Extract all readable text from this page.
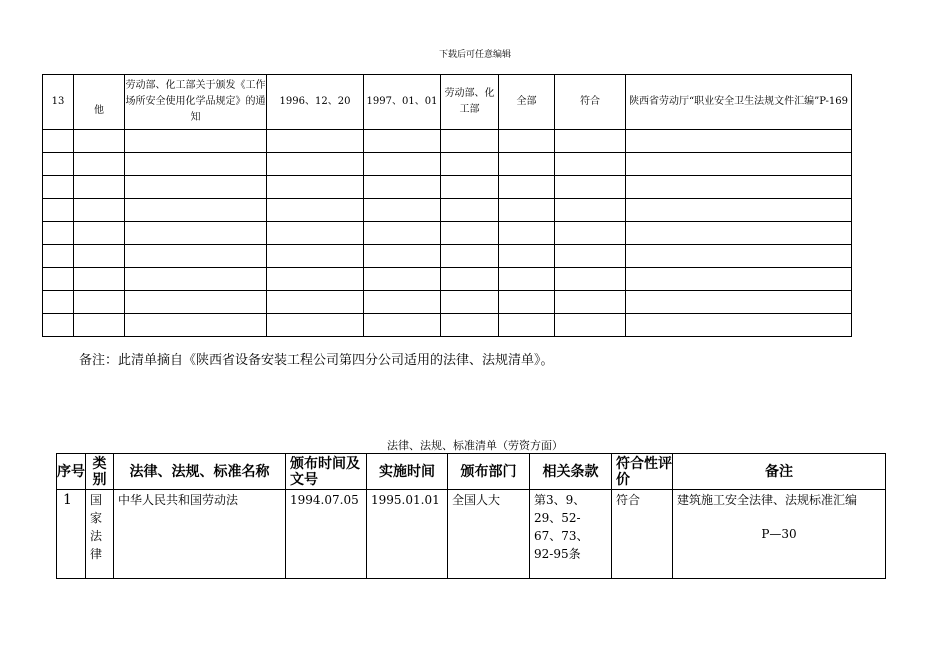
下载后可任意编辑
13	他	劳动部、化工部关于颁发《工作场所安全使用化学品规定》的通知	1996、12、20	1997、01、01	劳动部、化工部	全部	符合	陕西省劳动厅“职业安全卫生法规文件汇编”P-169

备注：此清单摘自《陕西省设备安装工程公司第四分公司适用的法律、法规清单》。
法律、法规、标准清单（劳资方面）
序号	类别	法律、法规、标准名称	颁布时间及文号	实施时间	颁布部门	相关条款	符合性评价	备注
1	国家法律	中华人民共和国劳动法	1994.07.05	1995.01.01	全国人大	第3、9、29、52-67、73、92-95条	符合	建筑施工安全法律、法规标准汇编
P—30
